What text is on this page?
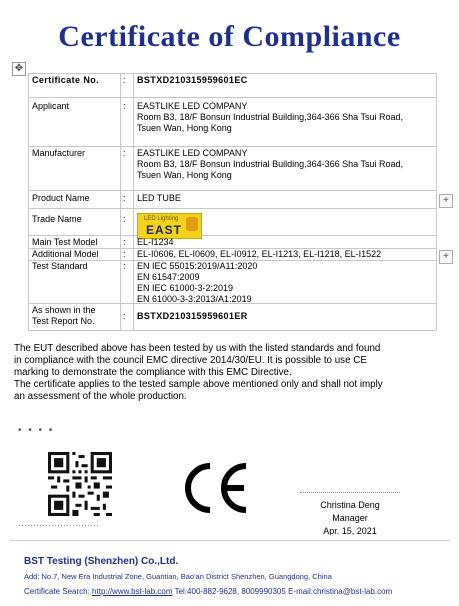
Certificate of Compliance
✥
Certificate No.	: BSTXD210315959601EC
Applicant	: EASTLIKE LED COMPANY
Room B3, 18/F Bonsun Industrial Building,364-366 Sha Tsui Road,
Tsuen Wan, Hong Kong
Manufacturer	: EASTLIKE LED COMPANY
Room B3, 18/F Bonsun Industrial Building,364-366 Sha Tsui Road,
Tsuen Wan, Hong Kong
Product Name	: LED TUBE	+
Trade Name	:	LED Lighting
EAST
Main Test Model	: EL-I1234
Additional Model	: EL-I0606, EL-I0609, EL-I0912, EL-I1213, EL-I1218, EL-I1522	+
Test Standard	: EN IEC 55015:2019/A11:2020
EN 61547:2009
EN IEC 61000-3-2:2019
EN 61000-3-3:2013/A1:2019
As shown in the
Test Report No.	: BSTXD210315959601ER
The EUT described above has been tested by us with the listed standards and found
in compliance with the council EMC directive 2014/30/EU. It is possible to use CE
marking to demonstrate the compliance with this EMC Directive.
The certificate applies to the tested sample above mentioned only and shall not imply
an assessment of the whole production.
• • • •
Christina Deng
Manager
Apr. 15, 2021
………………………
BST Testing (Shenzhen) Co.,Ltd.
Add: No.7, New Era Industrial Zone, Guantian, Bao'an District Shenzhen, Guangdong, China
Certificate Search: http://www.bst-lab.com Tel:400-882-9628, 8009990305 E-mail:christina@bst-lab.com
